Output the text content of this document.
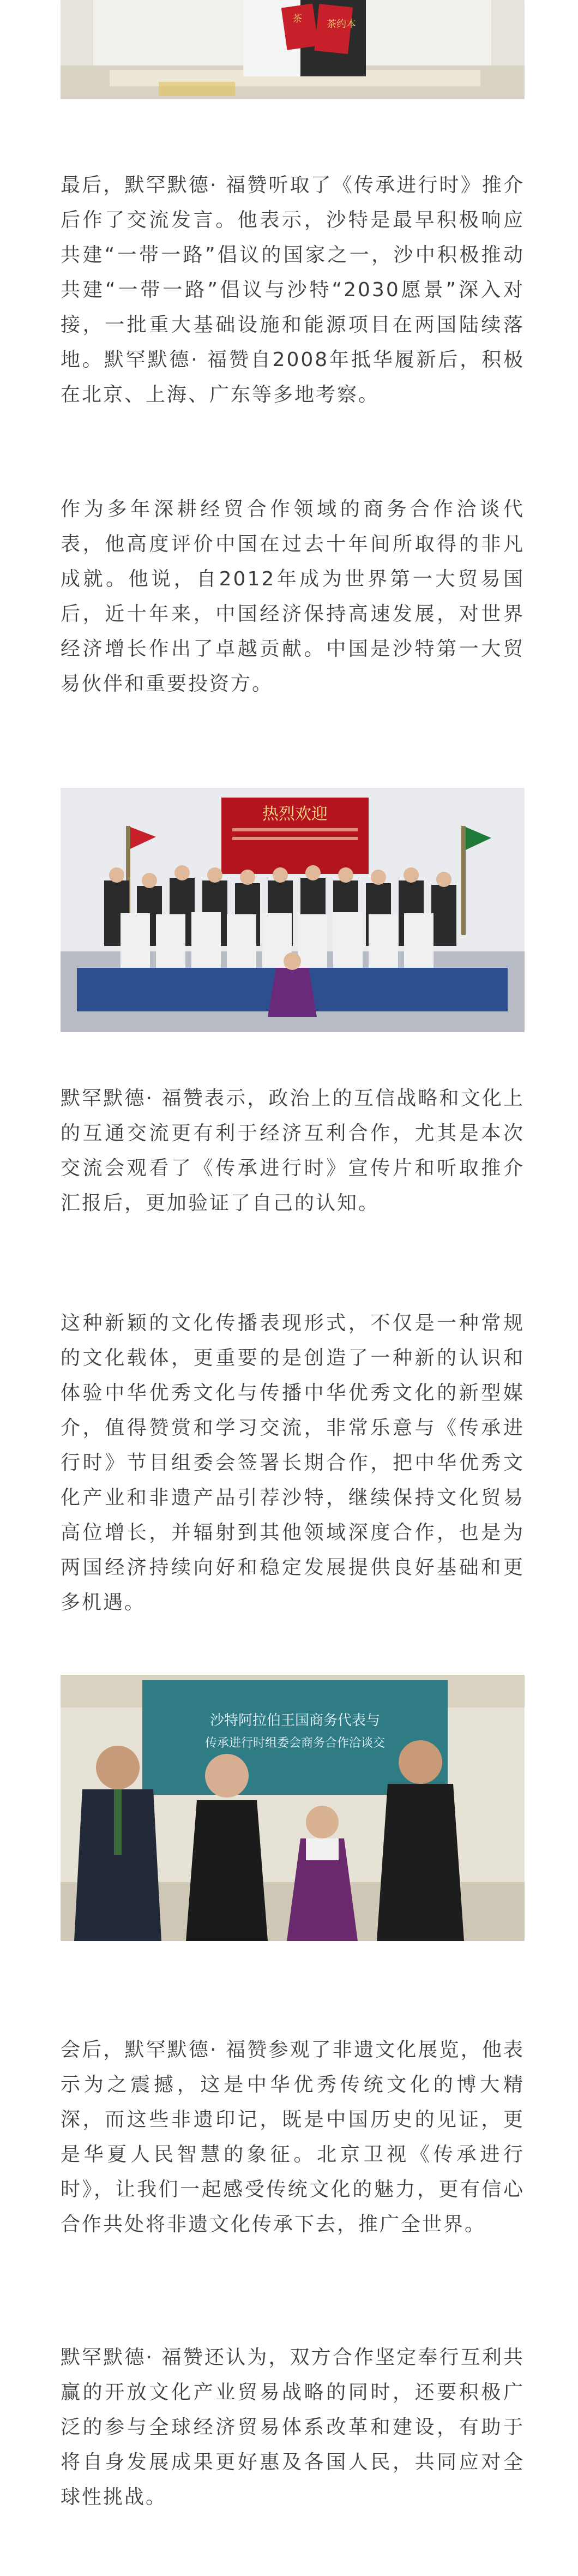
茶	茶约本

最后，默罕默德· 福赞听取了《传承进行时》推介后作了交流发言。他表示，沙特是最早积极响应共建“一带一路”倡议的国家之一，沙中积极推动共建“一带一路”倡议与沙特“2030愿景”深入对接，一批重大基础设施和能源项目在两国陆续落地。默罕默德· 福赞自2008年抵华履新后，积极在北京、上海、广东等多地考察。

作为多年深耕经贸合作领域的商务合作洽谈代表，他高度评价中国在过去十年间所取得的非凡成就。他说，自2012年成为世界第一大贸易国后，近十年来，中国经济保持高速发展，对世界经济增长作出了卓越贡献。中国是沙特第一大贸易伙伴和重要投资方。

热烈欢迎

默罕默德· 福赞表示，政治上的互信战略和文化上的互通交流更有利于经济互利合作，尤其是本次交流会观看了《传承进行时》宣传片和听取推介汇报后，更加验证了自己的认知。

这种新颖的文化传播表现形式，不仅是一种常规的文化载体，更重要的是创造了一种新的认识和体验中华优秀文化与传播中华优秀文化的新型媒介，值得赞赏和学习交流，非常乐意与《传承进行时》节目组委会签署长期合作，把中华优秀文化产业和非遗产品引荐沙特，继续保持文化贸易高位增长，并辐射到其他领域深度合作，也是为两国经济持续向好和稳定发展提供良好基础和更多机遇。

沙特阿拉伯王国商务代表与
传承进行时组委会商务合作洽谈交

会后，默罕默德· 福赞参观了非遗文化展览，他表示为之震撼，这是中华优秀传统文化的博大精深，而这些非遗印记，既是中国历史的见证，更是华夏人民智慧的象征。北京卫视《传承进行时》，让我们一起感受传统文化的魅力，更有信心合作共处将非遗文化传承下去，推广全世界。

默罕默德· 福赞还认为，双方合作坚定奉行互利共赢的开放文化产业贸易战略的同时，还要积极广泛的参与全球经济贸易体系改革和建设，有助于将自身发展成果更好惠及各国人民，共同应对全球性挑战。
